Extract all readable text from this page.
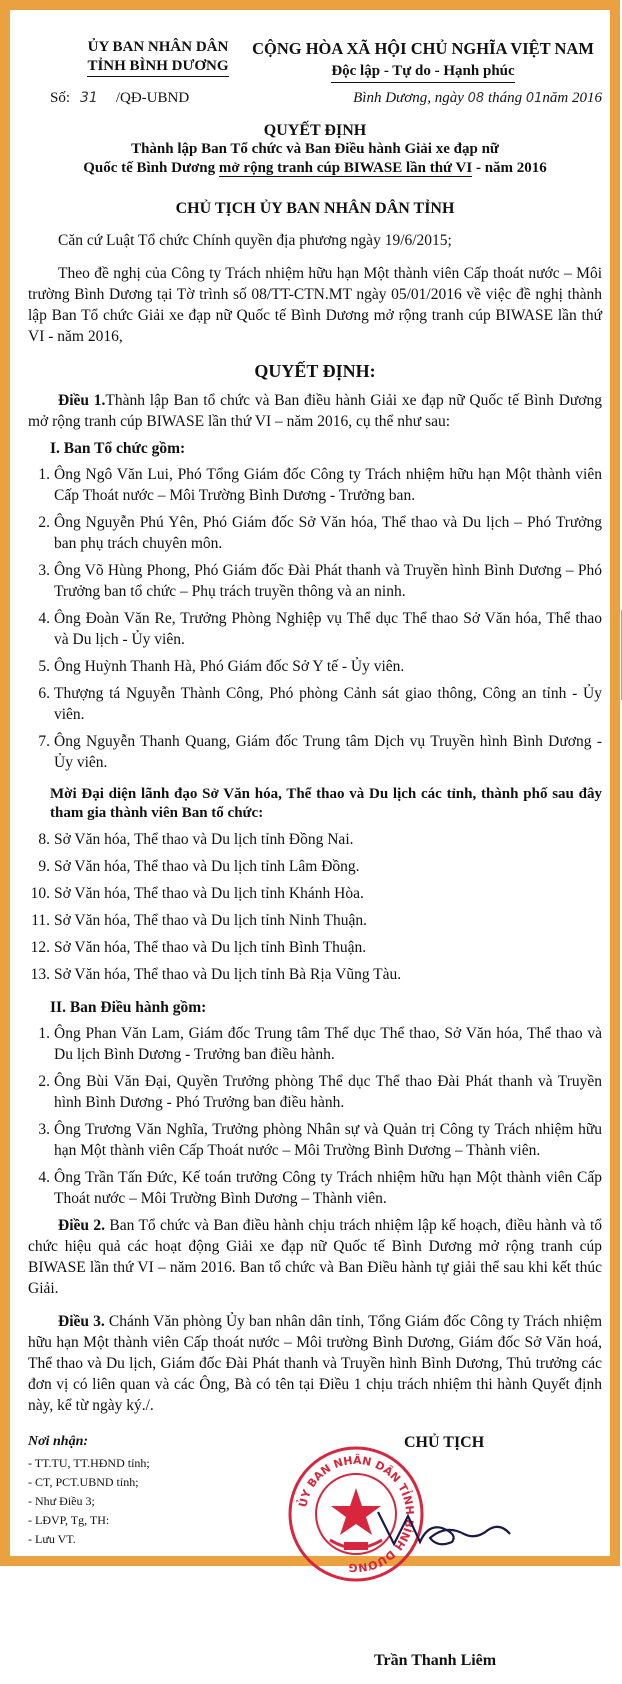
ỦY BAN NHÂN DÂN
TỈNH BÌNH DƯƠNG
CỘNG HÒA XÃ HỘI CHỦ NGHĨA VIỆT NAM
Độc lập - Tự do - Hạnh phúc
Số: 31 /QĐ-UBND	Bình Dương, ngày 08 tháng 01năm 2016
QUYẾT ĐỊNH
Thành lập Ban Tổ chức và Ban Điều hành Giải xe đạp nữ
Quốc tế Bình Dương mở rộng tranh cúp BIWASE lần thứ VI - năm 2016
CHỦ TỊCH ỦY BAN NHÂN DÂN TỈNH

Căn cứ Luật Tổ chức Chính quyền địa phương ngày 19/6/2015;

Theo đề nghị của Công ty Trách nhiệm hữu hạn Một thành viên Cấp thoát nước – Môi trường Bình Dương tại Tờ trình số 08/TT-CTN.MT ngày 05/01/2016 về việc đề nghị thành lập Ban Tổ chức Giải xe đạp nữ Quốc tế Bình Dương mở rộng tranh cúp BIWASE lần thứ VI - năm 2016,

QUYẾT ĐỊNH:

Điều 1.Thành lập Ban tổ chức và Ban điều hành Giải xe đạp nữ Quốc tế Bình Dương mở rộng tranh cúp BIWASE lần thứ VI – năm 2016, cụ thể như sau:

I. Ban Tổ chức gồm:
1. Ông Ngô Văn Lui, Phó Tổng Giám đốc Công ty Trách nhiệm hữu hạn Một thành viên Cấp Thoát nước – Môi Trường Bình Dương - Trưởng ban.
2. Ông Nguyễn Phú Yên, Phó Giám đốc Sở Văn hóa, Thể thao và Du lịch – Phó Trưởng ban phụ trách chuyên môn.
3. Ông Võ Hùng Phong, Phó Giám đốc Đài Phát thanh và Truyền hình Bình Dương – Phó Trưởng ban tổ chức – Phụ trách truyền thông và an ninh.
4. Ông Đoàn Văn Re, Trưởng Phòng Nghiệp vụ Thể dục Thể thao Sở Văn hóa, Thể thao và Du lịch - Ủy viên.
5. Ông Huỳnh Thanh Hà, Phó Giám đốc Sở Y tế - Ủy viên.
6. Thượng tá Nguyễn Thành Công, Phó phòng Cảnh sát giao thông, Công an tỉnh - Ủy viên.
7. Ông Nguyễn Thanh Quang, Giám đốc Trung tâm Dịch vụ Truyền hình Bình Dương - Ủy viên.
Mời Đại diện lãnh đạo Sở Văn hóa, Thể thao và Du lịch các tỉnh, thành phố sau đây tham gia thành viên Ban tổ chức:
8. Sở Văn hóa, Thể thao và Du lịch tỉnh Đồng Nai.
9. Sở Văn hóa, Thể thao và Du lịch tỉnh Lâm Đồng.
10. Sở Văn hóa, Thể thao và Du lịch tỉnh Khánh Hòa.
11. Sở Văn hóa, Thể thao và Du lịch tỉnh Ninh Thuận.
12. Sở Văn hóa, Thể thao và Du lịch tỉnh Bình Thuận.
13. Sở Văn hóa, Thể thao và Du lịch tỉnh Bà Rịa Vũng Tàu.
II. Ban Điều hành gồm:
1. Ông Phan Văn Lam, Giám đốc Trung tâm Thể dục Thể thao, Sở Văn hóa, Thể thao và Du lịch Bình Dương - Trưởng ban điều hành.
2. Ông Bùi Văn Đại, Quyền Trưởng phòng Thể dục Thể thao Đài Phát thanh và Truyền hình Bình Dương - Phó Trưởng ban điều hành.
3. Ông Trương Văn Nghĩa, Trưởng phòng Nhân sự và Quản trị Công ty Trách nhiệm hữu hạn Một thành viên Cấp Thoát nước – Môi Trường Bình Dương – Thành viên.
4. Ông Trần Tấn Đức, Kế toán trưởng Công ty Trách nhiệm hữu hạn Một thành viên Cấp Thoát nước – Môi Trường Bình Dương – Thành viên.

Điều 2. Ban Tổ chức và Ban điều hành chịu trách nhiệm lập kế hoạch, điều hành và tổ chức hiệu quả các hoạt động Giải xe đạp nữ Quốc tế Bình Dương mở rộng tranh cúp BIWASE lần thứ VI – năm 2016. Ban tổ chức và Ban Điều hành tự giải thể sau khi kết thúc Giải.

Điều 3. Chánh Văn phòng Ủy ban nhân dân tỉnh, Tổng Giám đốc Công ty Trách nhiệm hữu hạn Một thành viên Cấp thoát nước – Môi trường Bình Dương, Giám đốc Sở Văn hoá, Thể thao và Du lịch, Giám đốc Đài Phát thanh và Truyền hình Bình Dương, Thủ trưởng các đơn vị có liên quan và các Ông, Bà có tên tại Điều 1 chịu trách nhiệm thi hành Quyết định này, kể từ ngày ký./.

Nơi nhận:
- TT.TU, TT.HĐND tỉnh;
- CT, PCT.UBND tỉnh;
- Như Điều 3;
- LĐVP, Tg, TH:
- Lưu VT.
ỦY BAN NHÂN DÂN TỈNH BÌNH DƯƠNG
CHỦ TỊCH
Trần Thanh Liêm
